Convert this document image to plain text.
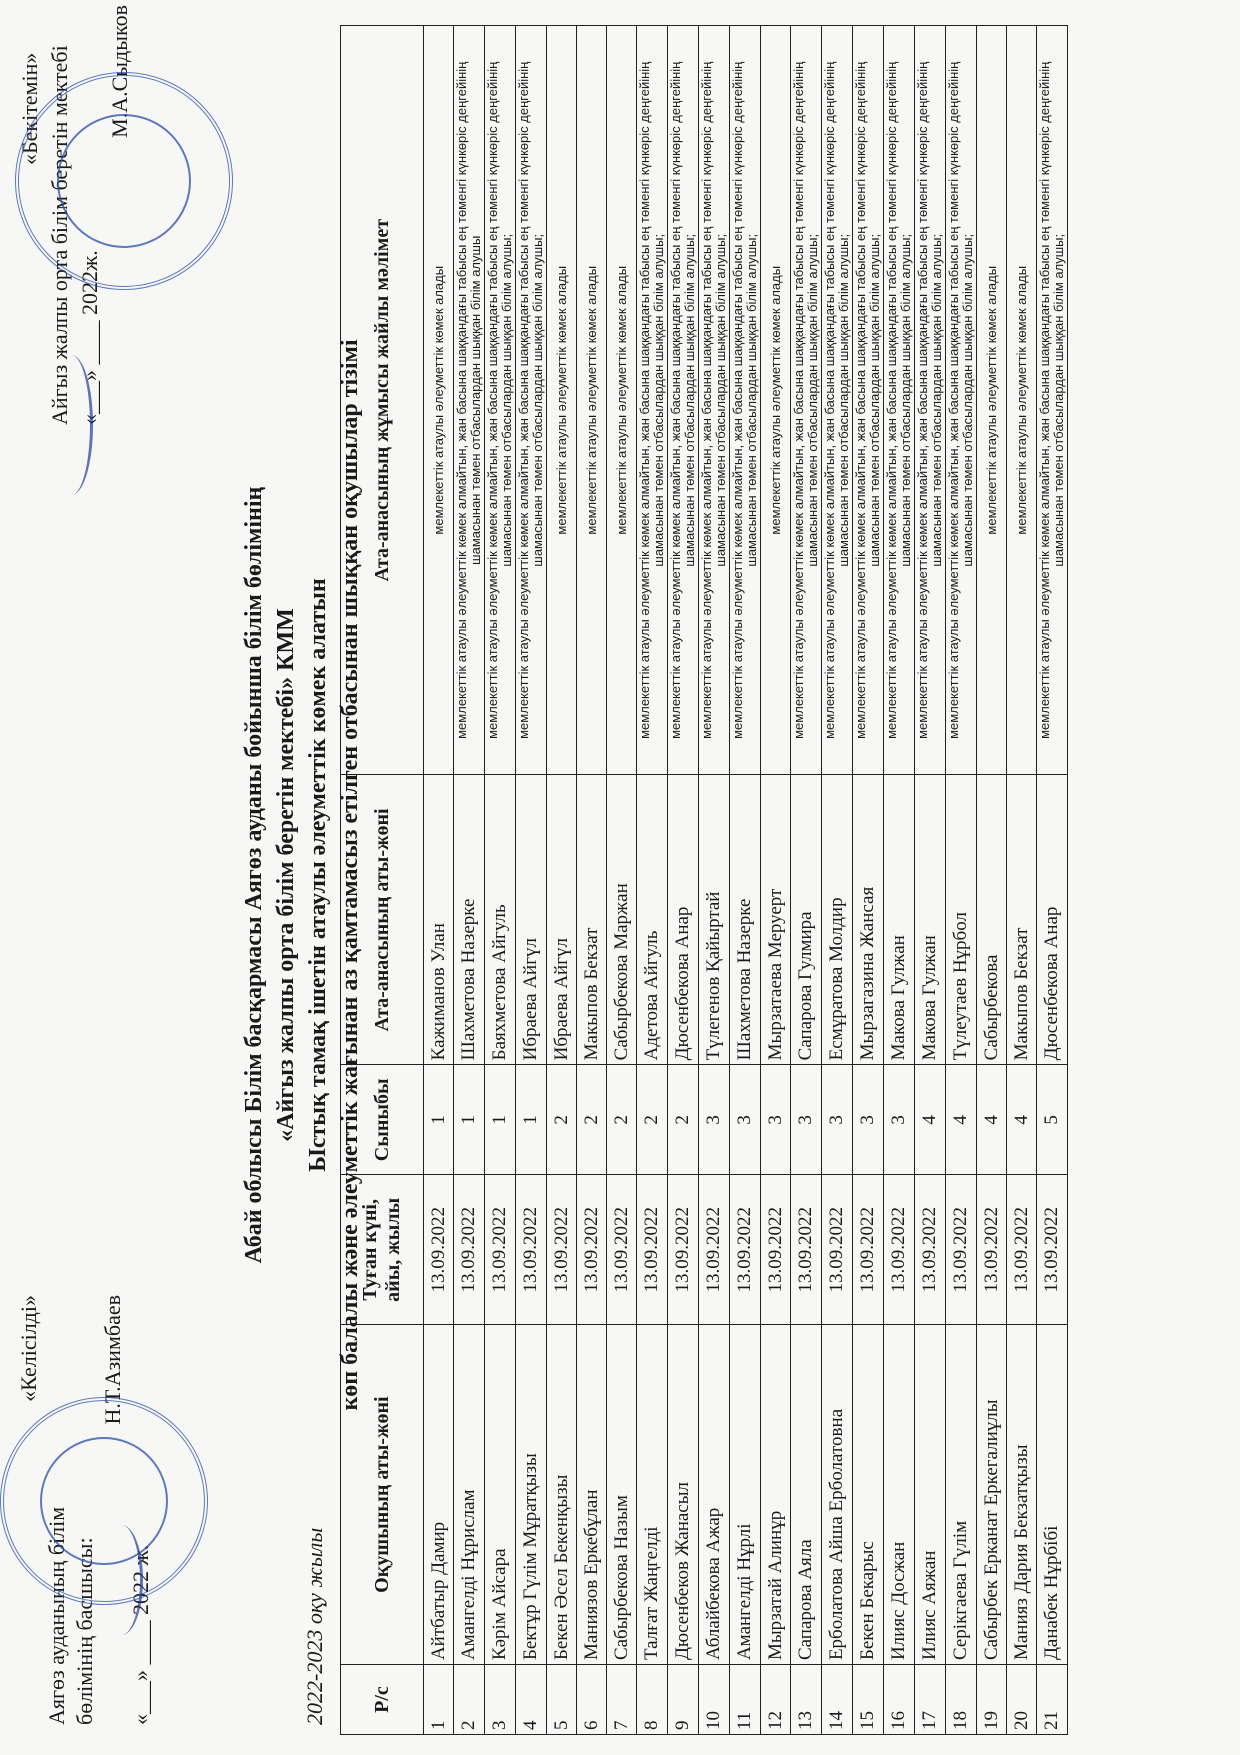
«Бекітемін» Айгыз жалпы орта білім беретін мектебі «___» ____ 2022ж.
М.А.Сыдыков
«Келісілді»
Аягөз ауданының білім бөлімінің басшысы:
Н.Т.Азимбаев
«___» ____ 2022 ж.
Абай облысы Білім басқармасы Аягөз ауданы бойынша білім бөлімінің «Айгыз жалпы орта білім беретін мектебі» КММ Ыстық тамақ ішетін атаулы әлеуметтік көмек алатын көп балалы және әлеуметтік жағынан аз қамтамасыз етілген отбасынан шыққан оқушылар тізімі
2022-2023 оқу жылы Р/с	Оқушының аты-жөні	Туған күні, айы, жылы	Сыныбы	Ата-анасының аты-жөні	Ата-анасының жұмысы жайлы мәлімет
1	Айтбатыр Дамир	13.09.2022	1	Кажиманов Улан	мемлекеттік атаулы әлеуметтік көмек алады
2	Амангелді Нұрислам	13.09.2022	1	Шахметова Назерке	мемлекеттік атаулы әлеуметтік көмек алмайтын, жан басына шаққандағы табысы ең төменгі күнкөріс деңгейінің шамасынан төмен отбасылардан шыққан білім алушы
3	Кәрім Айсара	13.09.2022	1	Баяхметова Айгуль	мемлекеттік атаулы әлеуметтік көмек алмайтын, жан басына шаққандағы табысы ең төменгі күнкөріс деңгейінің шамасынан төмен отбасылардан шыққан білім алушы;
4	Бектұр Гүлім Мұратқызы	13.09.2022	1	Ибраева Айгүл	мемлекеттік атаулы әлеуметтік көмек алмайтын, жан басына шаққандағы табысы ең төменгі күнкөріс деңгейінің шамасынан төмен отбасылардан шыққан білім алушы;
5	Бекен Әсел Бекенқызы	13.09.2022	2	Ибраева Айгүл	мемлекеттік атаулы әлеуметтік көмек алады
6	Маниязов Еркебұлан	13.09.2022	2	Макыпов Бекзат	мемлекеттік атаулы әлеуметтік көмек алады
7	Сабырбекова Назым	13.09.2022	2	Сабырбекова Маржан	мемлекеттік атаулы әлеуметтік көмек алады
8	Талғат Жаңгелді	13.09.2022	2	Адетова Айгуль	мемлекеттік атаулы әлеуметтік көмек алмайтын, жан басына шаққандағы табысы ең төменгі күнкөріс деңгейінің шамасынан төмен отбасылардан шыққан білім алушы;
9	Дюсенбеков Жанасыл	13.09.2022	2	Дюсенбекова Анар	мемлекеттік атаулы әлеуметтік көмек алмайтын, жан басына шаққандағы табысы ең төменгі күнкөріс деңгейінің шамасынан төмен отбасылардан шыққан білім алушы;
10	Аблайбекова Ажар	13.09.2022	3	Түлегенов Қайыртай	мемлекеттік атаулы әлеуметтік көмек алмайтын, жан басына шаққандағы табысы ең төменгі күнкөріс деңгейінің шамасынан төмен отбасылардан шыққан білім алушы;
11	Амангелді Нұрлі	13.09.2022	3	Шахметова Назерке	мемлекеттік атаулы әлеуметтік көмек алмайтын, жан басына шаққандағы табысы ең төменгі күнкөріс деңгейінің шамасынан төмен отбасылардан шыққан білім алушы;
12	Мырзатай Алинұр	13.09.2022	3	Мырзатаева Меруерт	мемлекеттік атаулы әлеуметтік көмек алады
13	Сапарова Аяла	13.09.2022	3	Сапарова Гулмира	мемлекеттік атаулы әлеуметтік көмек алмайтын, жан басына шаққандағы табысы ең төменгі күнкөріс деңгейінің шамасынан төмен отбасылардан шыққан білім алушы;
14	Ерболатова Айша Ерболатовна	13.09.2022	3	Есмұратова Молдир	мемлекеттік атаулы әлеуметтік көмек алмайтын, жан басына шаққандағы табысы ең төменгі күнкөріс деңгейінің шамасынан төмен отбасылардан шыққан білім алушы;
15	Бекен Бекарыс	13.09.2022	3	Мырзагазина Жансая	мемлекеттік атаулы әлеуметтік көмек алмайтын, жан басына шаққандағы табысы ең төменгі күнкөріс деңгейінің шамасынан төмен отбасылардан шыққан білім алушы;
16	Илияс Досжан	13.09.2022	3	Макова Гулжан	мемлекеттік атаулы әлеуметтік көмек алмайтын, жан басына шаққандағы табысы ең төменгі күнкөріс деңгейінің шамасынан төмен отбасылардан шыққан білім алушы;
17	Илияс Аяжан	13.09.2022	4	Макова Гулжан	мемлекеттік атаулы әлеуметтік көмек алмайтын, жан басына шаққандағы табысы ең төменгі күнкөріс деңгейінің шамасынан төмен отбасылардан шыққан білім алушы;
18	Серікгаева Гүлім	13.09.2022	4	Түлеутаев Нұрбол	мемлекеттік атаулы әлеуметтік көмек алмайтын, жан басына шаққандағы табысы ең төменгі күнкөріс деңгейінің шамасынан төмен отбасылардан шыққан білім алушы;
19	Сабырбек Ерканат Еркегалиұлы	13.09.2022	4	Сабырбекова	мемлекеттік атаулы әлеуметтік көмек алады
20	Манияз Дария Бекзатқызы	13.09.2022	4	Макыпов Бекзат	мемлекеттік атаулы әлеуметтік көмек алады
21	Данабек Нұрбібі	13.09.2022	5	Дюсенбекова Анар	мемлекеттік атаулы әлеуметтік көмек алмайтын, жан басына шаққандағы табысы ең төменгі күнкөріс деңгейінің шамасынан төмен отбасылардан шыққан білім алушы;
